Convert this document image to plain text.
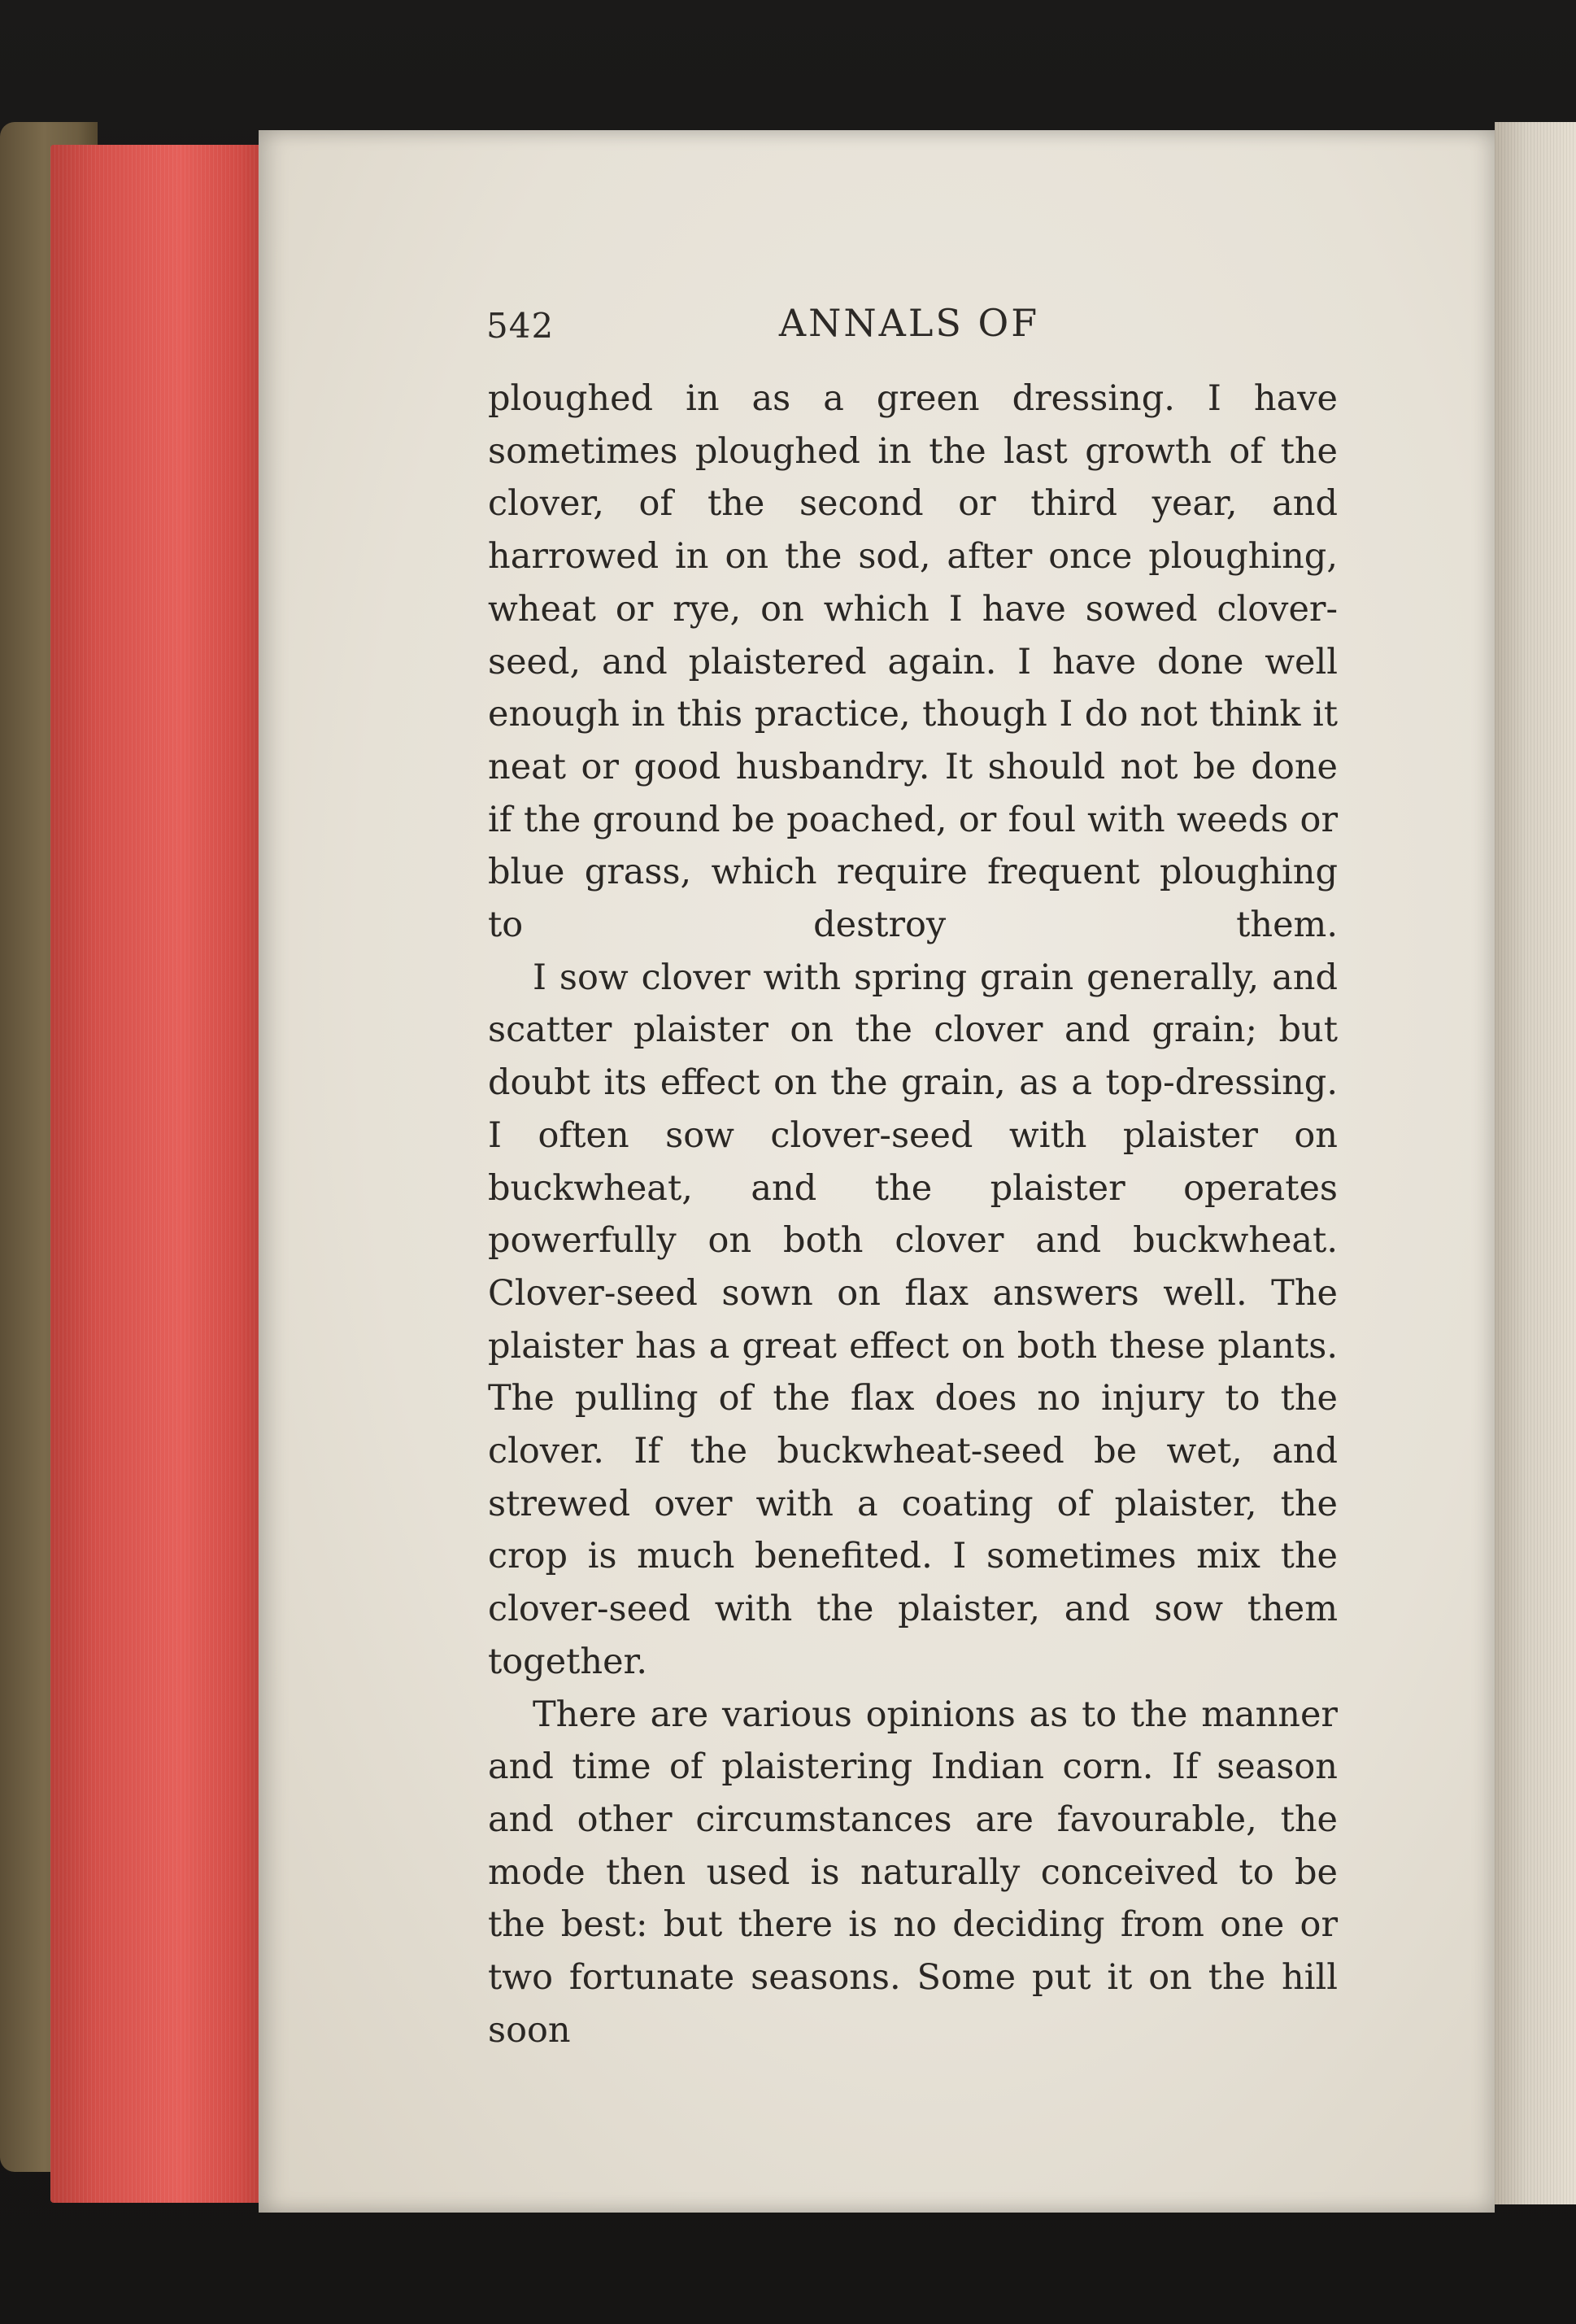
542	ANNALS OF

ploughed in as a green dressing. I have sometimes ploughed in the last growth of the clover, of the second or third year, and harrowed in on the sod, after once ploughing, wheat or rye, on which I have sowed clover-seed, and plaistered again. I have done well enough in this practice, though I do not think it neat or good husbandry. It should not be done if the ground be poached, or foul with weeds or blue grass, which require frequent ploughing to destroy them.

I sow clover with spring grain generally, and scatter plaister on the clover and grain; but doubt its effect on the grain, as a top-dressing. I often sow clover-seed with plaister on buckwheat, and the plaister operates powerfully on both clover and buckwheat. Clover-seed sown on flax answers well. The plaister has a great effect on both these plants. The pulling of the flax does no injury to the clover. If the buckwheat-seed be wet, and strewed over with a coating of plaister, the crop is much benefited. I sometimes mix the clover-seed with the plaister, and sow them together.

There are various opinions as to the manner and time of plaistering Indian corn. If season and other circumstances are favourable, the mode then used is naturally conceived to be the best: but there is no deciding from one or two fortunate seasons. Some put it on the hill soon
